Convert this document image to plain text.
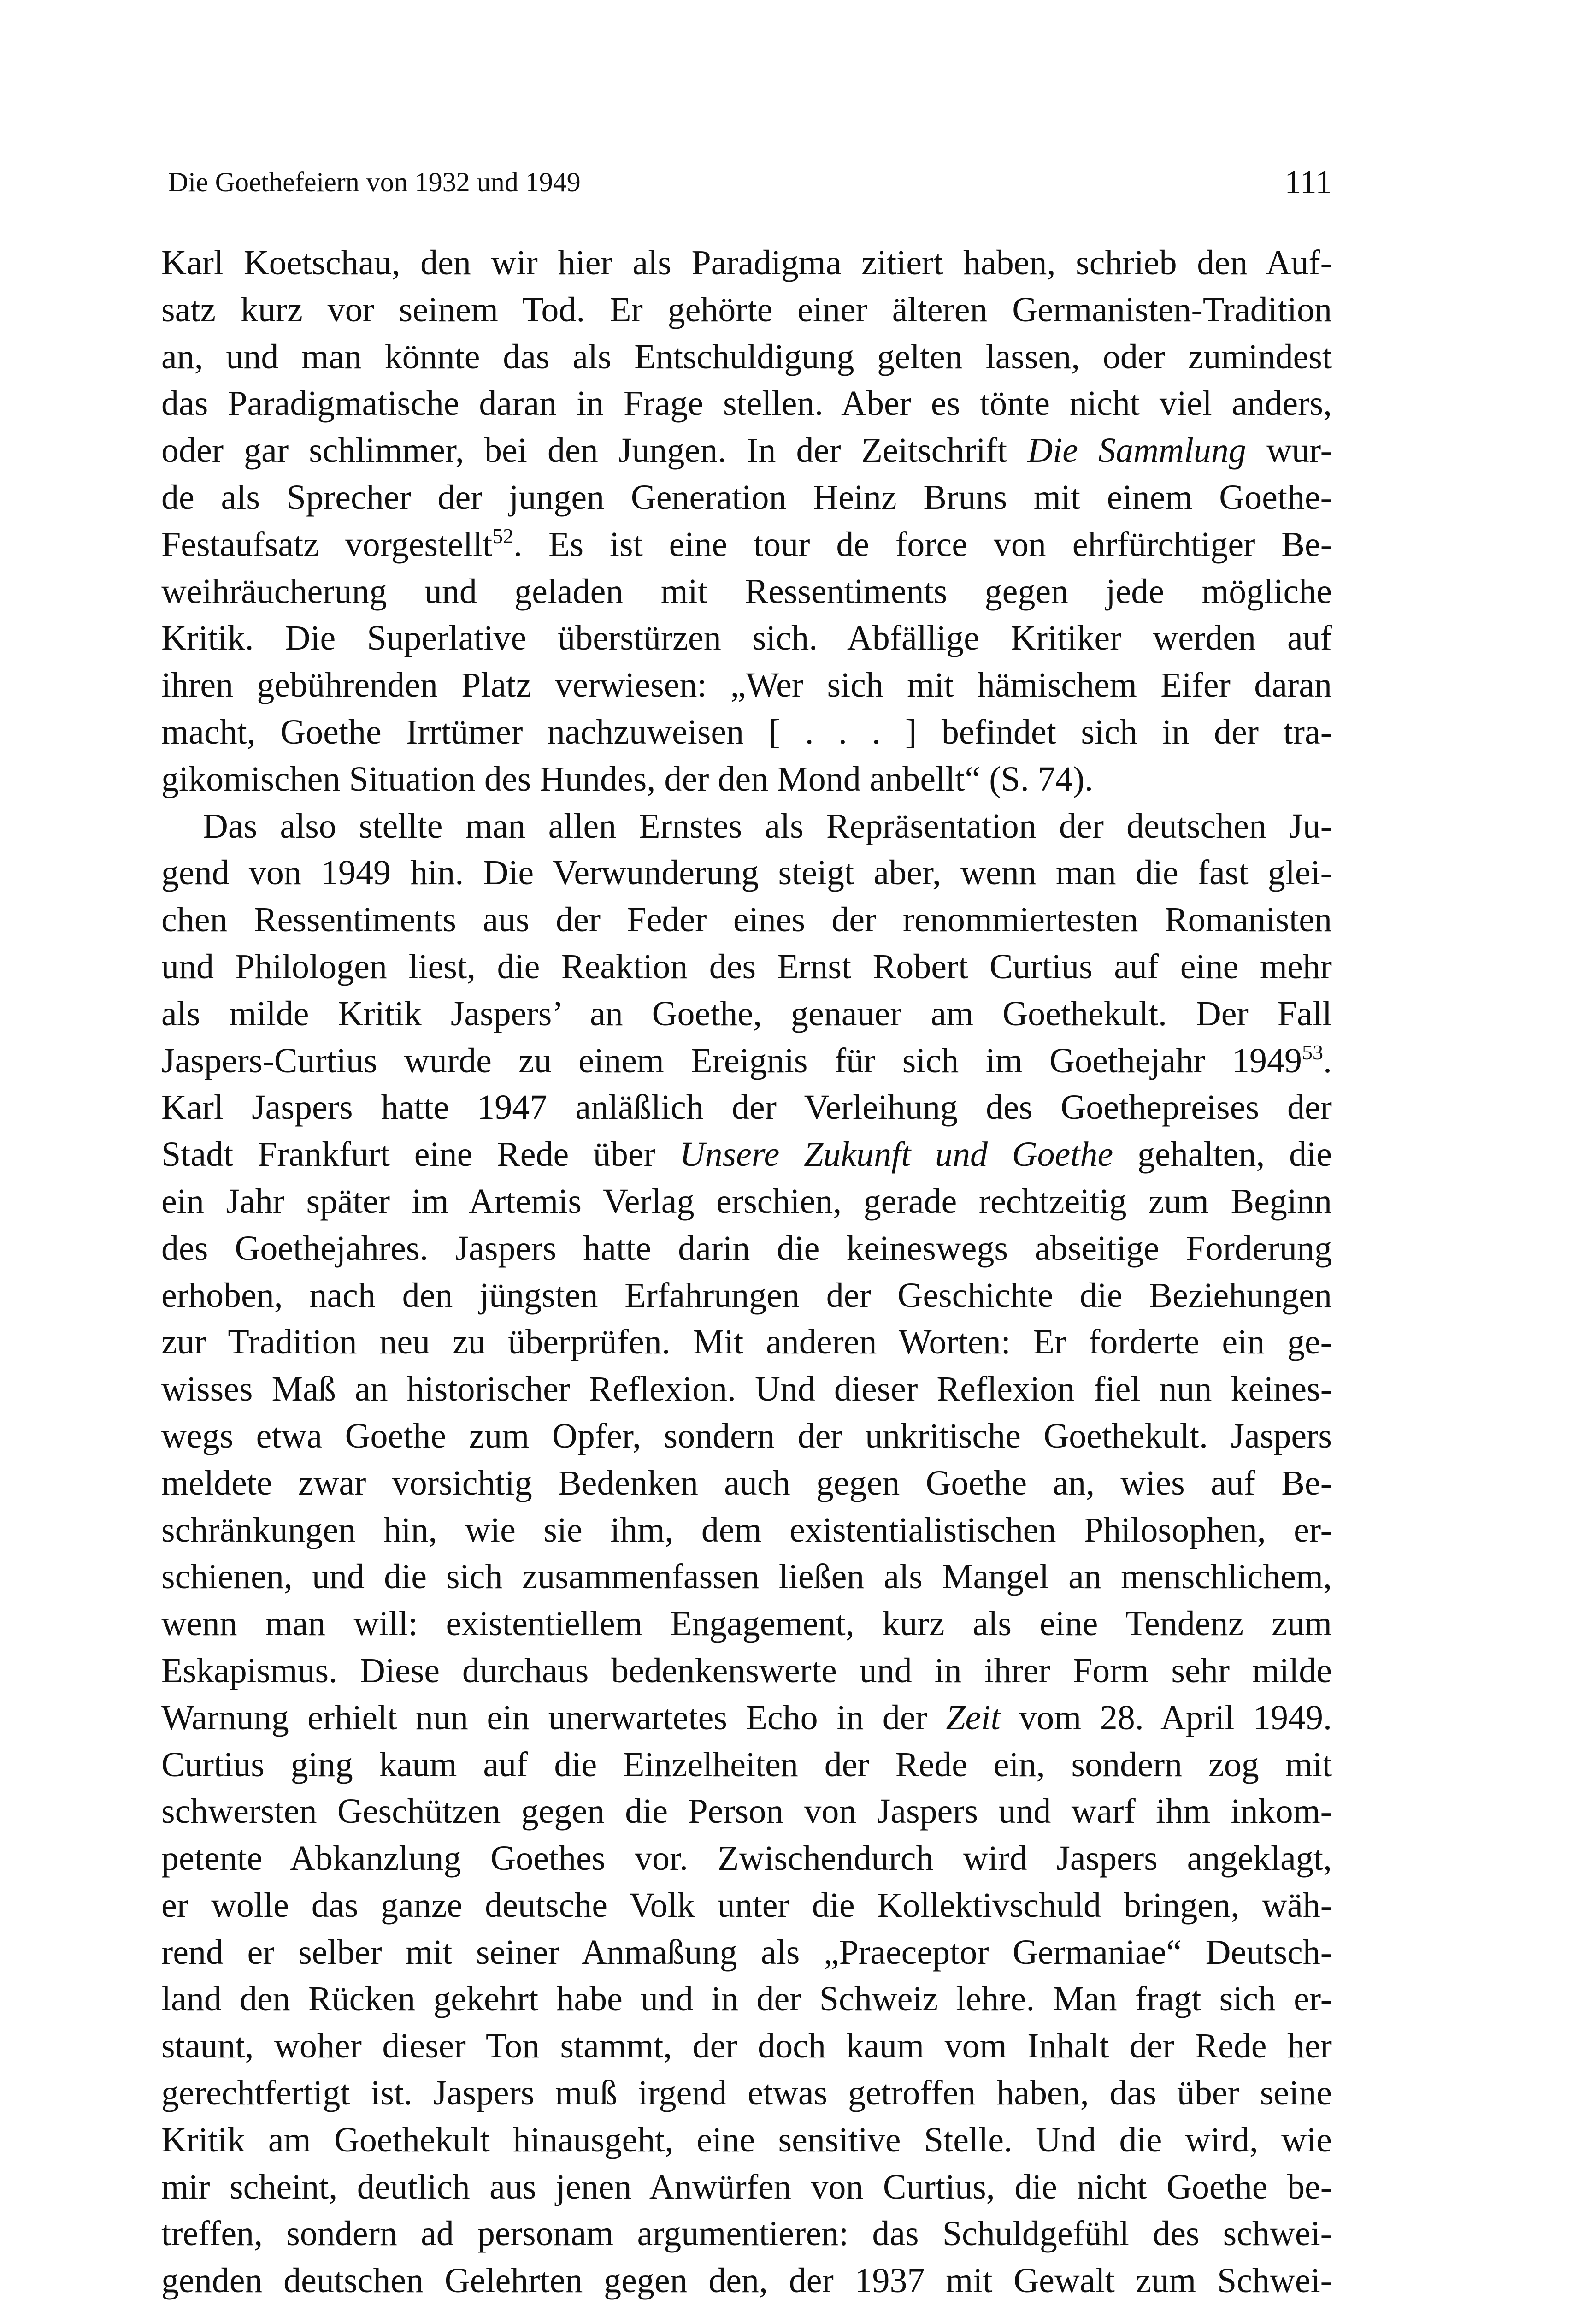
Die Goethefeiern von 1932 und 1949	111
Karl Koetschau, den wir hier als Paradigma zitiert haben, schrieb den Auf-
satz kurz vor seinem Tod. Er gehörte einer älteren Germanisten-Tradition
an, und man könnte das als Entschuldigung gelten lassen, oder zumindest
das Paradigmatische daran in Frage stellen. Aber es tönte nicht viel anders,
oder gar schlimmer, bei den Jungen. In der Zeitschrift Die Sammlung wur-
de als Sprecher der jungen Generation Heinz Bruns mit einem Goethe-
Festaufsatz vorgestellt$^{52}$. Es ist eine tour de force von ehrfürchtiger Be-
weihräucherung und geladen mit Ressentiments gegen jede mögliche
Kritik. Die Superlative überstürzen sich. Abfällige Kritiker werden auf
ihren gebührenden Platz verwiesen: „Wer sich mit hämischem Eifer daran
macht, Goethe Irrtümer nachzuweisen [ . . . ] befindet sich in der tra-
gikomischen Situation des Hundes, der den Mond anbellt“ (S. 74).
Das also stellte man allen Ernstes als Repräsentation der deutschen Ju-
gend von 1949 hin. Die Verwunderung steigt aber, wenn man die fast glei-
chen Ressentiments aus der Feder eines der renommiertesten Romanisten
und Philologen liest, die Reaktion des Ernst Robert Curtius auf eine mehr
als milde Kritik Jaspers’ an Goethe, genauer am Goethekult. Der Fall
Jaspers-Curtius wurde zu einem Ereignis für sich im Goethejahr 1949$^{53}$.
Karl Jaspers hatte 1947 anläßlich der Verleihung des Goethepreises der
Stadt Frankfurt eine Rede über Unsere Zukunft und Goethe gehalten, die
ein Jahr später im Artemis Verlag erschien, gerade rechtzeitig zum Beginn
des Goethejahres. Jaspers hatte darin die keineswegs abseitige Forderung
erhoben, nach den jüngsten Erfahrungen der Geschichte die Beziehungen
zur Tradition neu zu überprüfen. Mit anderen Worten: Er forderte ein ge-
wisses Maß an historischer Reflexion. Und dieser Reflexion fiel nun keines-
wegs etwa Goethe zum Opfer, sondern der unkritische Goethekult. Jaspers
meldete zwar vorsichtig Bedenken auch gegen Goethe an, wies auf Be-
schränkungen hin, wie sie ihm, dem existentialistischen Philosophen, er-
schienen, und die sich zusammenfassen ließen als Mangel an menschlichem,
wenn man will: existentiellem Engagement, kurz als eine Tendenz zum
Eskapismus. Diese durchaus bedenkenswerte und in ihrer Form sehr milde
Warnung erhielt nun ein unerwartetes Echo in der Zeit vom 28. April 1949.
Curtius ging kaum auf die Einzelheiten der Rede ein, sondern zog mit
schwersten Geschützen gegen die Person von Jaspers und warf ihm inkom-
petente Abkanzlung Goethes vor. Zwischendurch wird Jaspers angeklagt,
er wolle das ganze deutsche Volk unter die Kollektivschuld bringen, wäh-
rend er selber mit seiner Anmaßung als „Praeceptor Germaniae“ Deutsch-
land den Rücken gekehrt habe und in der Schweiz lehre. Man fragt sich er-
staunt, woher dieser Ton stammt, der doch kaum vom Inhalt der Rede her
gerechtfertigt ist. Jaspers muß irgend etwas getroffen haben, das über seine
Kritik am Goethekult hinausgeht, eine sensitive Stelle. Und die wird, wie
mir scheint, deutlich aus jenen Anwürfen von Curtius, die nicht Goethe be-
treffen, sondern ad personam argumentieren: das Schuldgefühl des schwei-
genden deutschen Gelehrten gegen den, der 1937 mit Gewalt zum Schwei-
